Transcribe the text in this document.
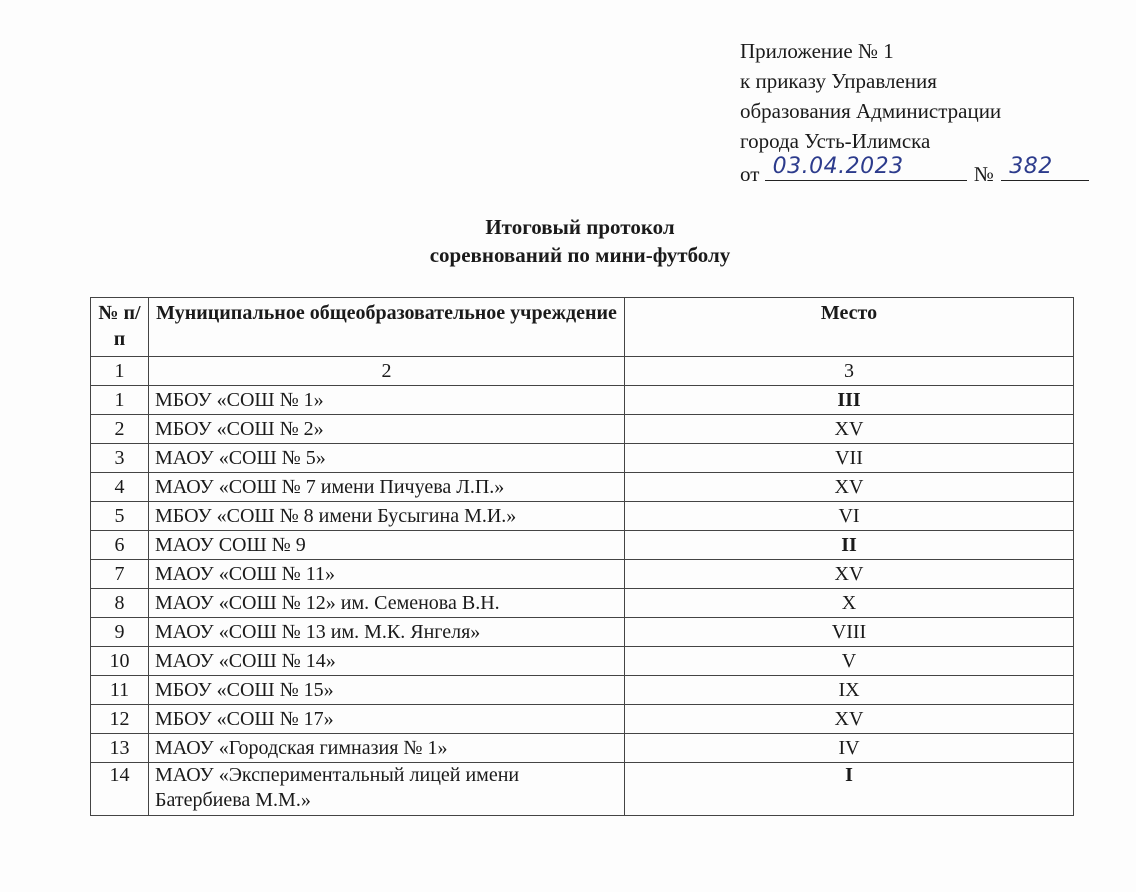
Приложение № 1
к приказу Управления
образования Администрации
города Усть-Илимска
от 03.04.2023	№ 382
Итоговый протокол
соревнований по мини-футболу
№ п/п	Муниципальное общеобразовательное учреждение	Место
1	2	3
1	МБОУ «СОШ № 1»	III
2	МБОУ «СОШ № 2»	XV
3	МАОУ «СОШ № 5»	VII
4	МАОУ «СОШ № 7 имени Пичуева Л.П.»	XV
5	МБОУ «СОШ № 8 имени Бусыгина М.И.»	VI
6	МАОУ СОШ № 9	II
7	МАОУ «СОШ № 11»	XV
8	МАОУ «СОШ № 12» им. Семенова В.Н.	X
9	МАОУ «СОШ № 13 им. М.К. Янгеля»	VIII
10	МАОУ «СОШ № 14»	V
11	МБОУ «СОШ № 15»	IX
12	МБОУ «СОШ № 17»	XV
13	МАОУ «Городская гимназия № 1»	IV
14	МАОУ «Экспериментальный лицей имени Батербиева М.М.»	I
